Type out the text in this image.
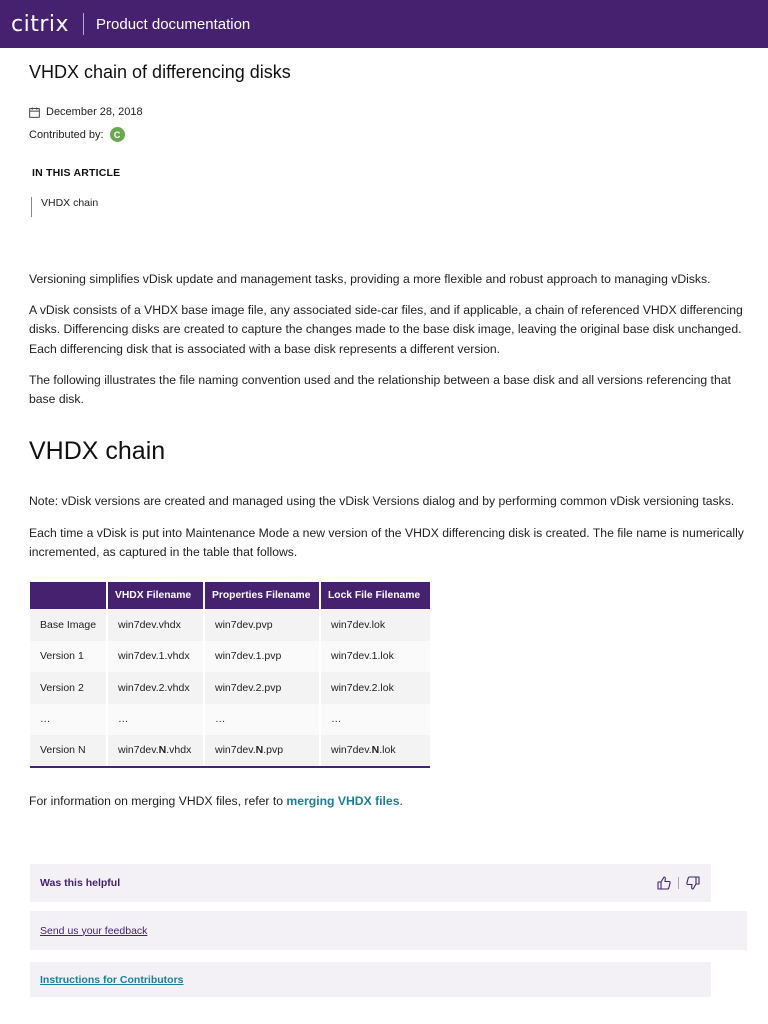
citrix Product documentation
VHDX chain of differencing disks
December 28, 2018
Contributed by:	C
IN THIS ARTICLE
VHDX chain

Versioning simplifies vDisk update and management tasks, providing a more flexible and robust approach to managing vDisks.

A vDisk consists of a VHDX base image file, any associated side-car files, and if applicable, a chain of referenced VHDX differencing disks. Differencing disks are created to capture the changes made to the base disk image, leaving the original base disk unchanged. Each differencing disk that is associated with a base disk represents a different version.

The following illustrates the file naming convention used and the relationship between a base disk and all versions referencing that base disk.

VHDX chain

Note: vDisk versions are created and managed using the vDisk Versions dialog and by performing common vDisk versioning tasks.

Each time a vDisk is put into Maintenance Mode a new version of the VHDX differencing disk is created. The file name is numerically incremented, as captured in the table that follows.

	VHDX Filename	Properties Filename	Lock File Filename
Base Image	win7dev.vhdx	win7dev.pvp	win7dev.lok
Version 1	win7dev.1.vhdx	win7dev.1.pvp	win7dev.1.lok
Version 2	win7dev.2.vhdx	win7dev.2.pvp	win7dev.2.lok
…	…	…	…
Version N	win7dev.N.vhdx	win7dev.N.pvp	win7dev.N.lok

For information on merging VHDX files, refer to merging VHDX files.

Was this helpful
Send us your feedback
Instructions for Contributors
